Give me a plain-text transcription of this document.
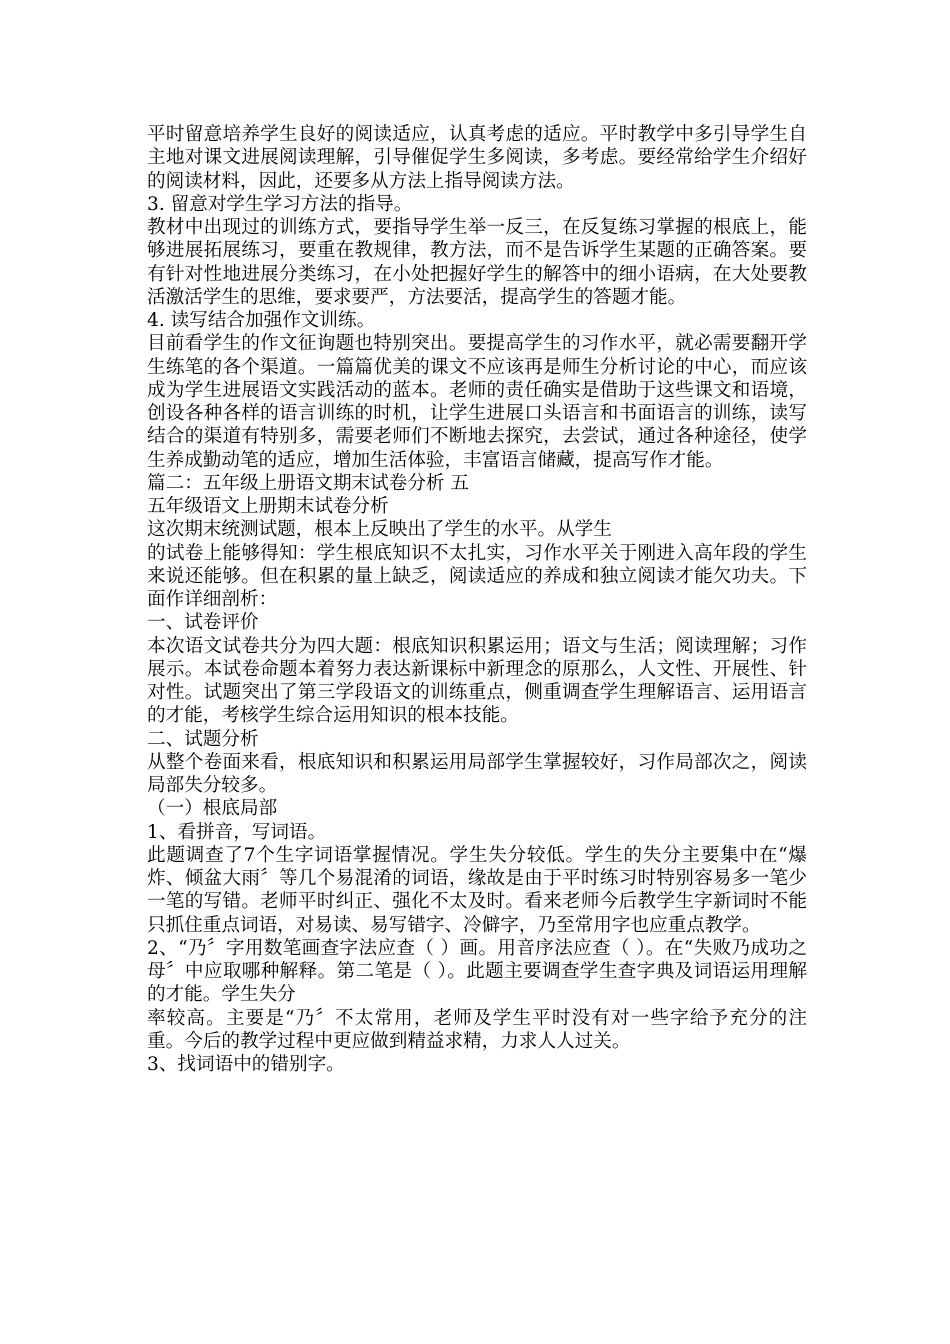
平时留意培养学生良好的阅读适应，认真考虑的适应。平时教学中多引导学生自主地对课文进展阅读理解，引导催促学生多阅读，多考虑。要经常给学生介绍好的阅读材料，因此，还要多从方法上指导阅读方法。

3. 留意对学生学习方法的指导。

教材中出现过的训练方式，要指导学生举一反三，在反复练习掌握的根底上，能够进展拓展练习，要重在教规律，教方法，而不是告诉学生某题的正确答案。要有针对性地进展分类练习，在小处把握好学生的解答中的细小语病，在大处要教活激活学生的思维，要求要严，方法要活，提高学生的答题才能。

4. 读写结合加强作文训练。

目前看学生的作文征询题也特别突出。要提高学生的习作水平，就必需要翻开学生练笔的各个渠道。一篇篇优美的课文不应该再是师生分析讨论的中心，而应该成为学生进展语文实践活动的蓝本。老师的责任确实是借助于这些课文和语境，创设各种各样的语言训练的时机，让学生进展口头语言和书面语言的训练，读写结合的渠道有特别多，需要老师们不断地去探究，去尝试，通过各种途径，使学生养成勤动笔的适应，增加生活体验，丰富语言储藏，提高写作才能。

篇二：五年级上册语文期末试卷分析 五

五年级语文上册期末试卷分析

这次期末统测试题，根本上反映出了学生的水平。从学生

的试卷上能够得知：学生根底知识不太扎实，习作水平关于刚进入高年段的学生来说还能够。但在积累的量上缺乏，阅读适应的养成和独立阅读才能欠功夫。下面作详细剖析：

一、试卷评价

本次语文试卷共分为四大题：根底知识积累运用；语文与生活；阅读理解；习作展示。本试卷命题本着努力表达新课标中新理念的原那么，人文性、开展性、针对性。试题突出了第三学段语文的训练重点，侧重调查学生理解语言、运用语言的才能，考核学生综合运用知识的根本技能。

二、试题分析

从整个卷面来看，根底知识和积累运用局部学生掌握较好，习作局部次之，阅读局部失分较多。

（一）根底局部

1、看拼音，写词语。

此题调查了7个生字词语掌握情况。学生失分较低。学生的失分主要集中在“爆炸、倾盆大雨〞等几个易混淆的词语，缘故是由于平时练习时特别容易多一笔少一笔的写错。老师平时纠正、强化不太及时。看来老师今后教学生字新词时不能只抓住重点词语，对易读、易写错字、冷僻字，乃至常用字也应重点教学。

2、“乃〞字用数笔画查字法应查（ ）画。用音序法应查（ ）。在“失败乃成功之母〞中应取哪种解释。第二笔是（ ）。此题主要调查学生查字典及词语运用理解的才能。学生失分

率较高。主要是“乃〞不太常用，老师及学生平时没有对一些字给予充分的注重。今后的教学过程中更应做到精益求精，力求人人过关。

3、找词语中的错别字。
